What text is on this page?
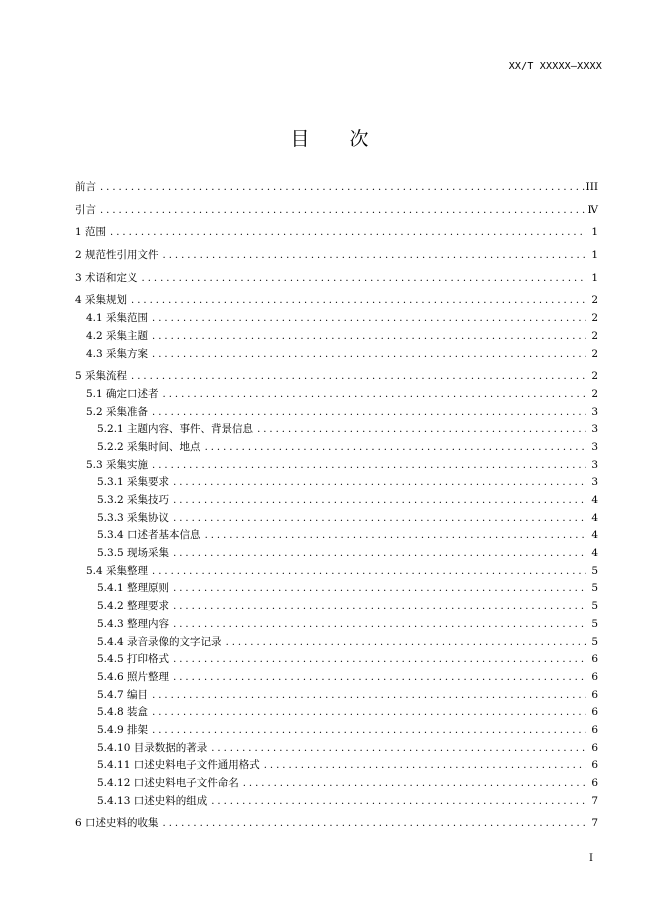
XX/T XXXXX—XXXX
目 次
前言 .....	III
引言 .....	Ⅳ
1 范围 .....	1
2 规范性引用文件 .....	1
3 术语和定义 .....	1
4 采集规划 .....	2
4.1 采集范围 .....	2
4.2 采集主题 .....	2
4.3 采集方案 .....	2
5 采集流程 .....	2
5.1 确定口述者 .....	2
5.2 采集准备 .....	3
5.2.1 主题内容、事件、背景信息 .....	3
5.2.2 采集时间、地点 .....	3
5.3 采集实施 .....	3
5.3.1 采集要求 .....	3
5.3.2 采集技巧 .....	4
5.3.3 采集协议 .....	4
5.3.4 口述者基本信息 .....	4
5.3.5 现场采集 .....	4
5.4 采集整理 .....	5
5.4.1 整理原则 .....	5
5.4.2 整理要求 .....	5
5.4.3 整理内容 .....	5
5.4.4 录音录像的文字记录 .....	5
5.4.5 打印格式 .....	6
5.4.6 照片整理 .....	6
5.4.7 编目 .....	6
5.4.8 装盒 .....	6
5.4.9 排架 .....	6
5.4.10 目录数据的著录 .....	6
5.4.11 口述史料电子文件通用格式 .....	6
5.4.12 口述史料电子文件命名 .....	6
5.4.13 口述史料的组成 .....	7
6 口述史料的收集 .....	7
I
